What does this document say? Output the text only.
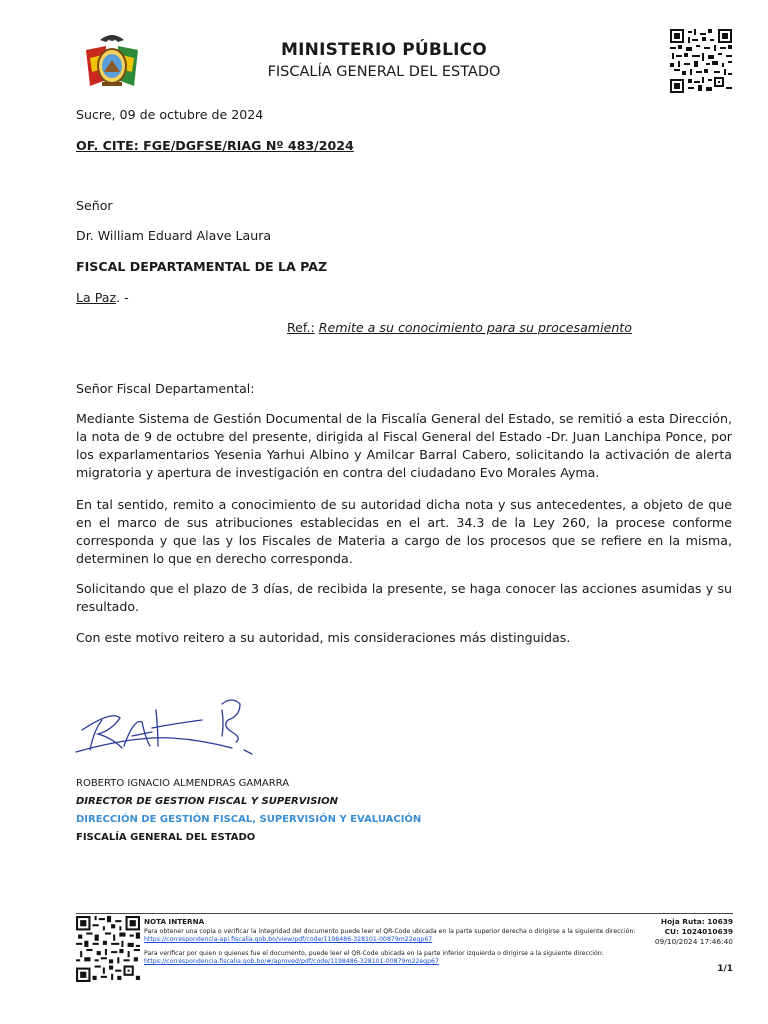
MINISTERIO PÚBLICO
FISCALÍA GENERAL DEL ESTADO
Sucre, 09 de octubre de 2024
OF. CITE: FGE/DGFSE/RIAG Nº 483/2024
Señor
Dr. William Eduard Alave Laura
FISCAL DEPARTAMENTAL DE LA PAZ
La Paz. -
Ref.: Remite a su conocimiento para su procesamiento
Señor Fiscal Departamental:
Mediante Sistema de Gestión Documental de la Fiscalía General del Estado, se remitió a esta Dirección, la nota de 9 de octubre del presente, dirigida al Fiscal General del Estado -Dr. Juan Lanchipa Ponce, por los exparlamentarios Yesenia Yarhui Albino y Amilcar Barral Cabero, solicitando la activación de alerta migratoria y apertura de investigación en contra del ciudadano Evo Morales Ayma.
En tal sentido, remito a conocimiento de su autoridad dicha nota y sus antecedentes, a objeto de que en el marco de sus atribuciones establecidas en el art. 34.3 de la Ley 260, la procese conforme corresponda y que las y los Fiscales de Materia a cargo de los procesos que se refiere en la misma, determinen lo que en derecho corresponda.
Solicitando que el plazo de 3 días, de recibida la presente, se haga conocer las acciones asumidas y su resultado.
Con este motivo reitero a su autoridad, mis consideraciones más distinguidas.
ROBERTO IGNACIO ALMENDRAS GAMARRA
DIRECTOR DE GESTION FISCAL Y SUPERVISION
DIRECCIÓN DE GESTIÓN FISCAL, SUPERVISIÓN Y EVALUACIÓN
FISCALÍA GENERAL DEL ESTADO
NOTA INTERNA
Para obtener una copia o verificar la integridad del documento puede leer el QR-Code ubicada en la parte superior derecha o dirigirse a la siguiente dirección:
https://correspondencia-api.fiscalia.gob.bo/view/pdf/code/1198486-328101-00879m22egp67
Para verificar por quien o quienes fue el documento, puede leer el QR-Code ubicada en la parte inferior izquierda o dirigirse a la siguiente dirección:
https://correspondencia.fiscalia.gob.bo/#/aproved/pdf/code/1198486-328101-00879m22egp67
Hoja Ruta: 10639
CU: 1024010639
09/10/2024 17:46:40
1/1
